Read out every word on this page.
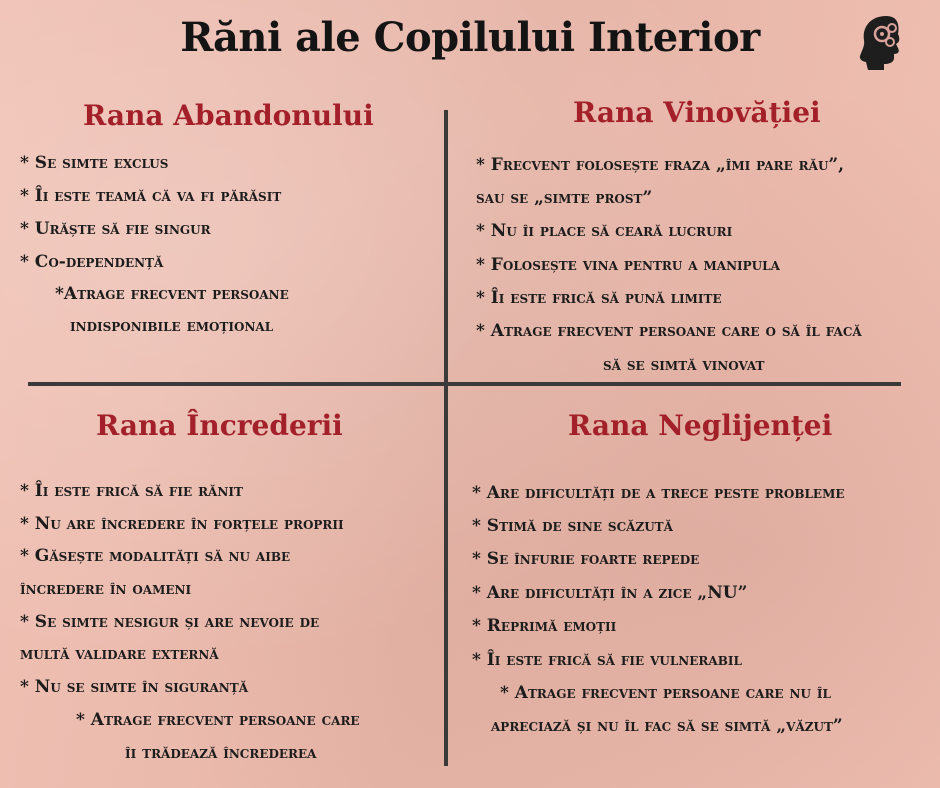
Răni ale Copilului Interior
Rana Abandonului
* Se simte exclus
* Îi este teamă că va fi părăsit
* Urăște să fie singur
* Co-dependență
*Atrage frecvent persoane
indisponibile emoțional
Rana Vinovăției
* Frecvent folosește fraza „îmi pare rău”,
sau se „simte prost”
* Nu îi place să ceară lucruri
* Folosește vina pentru a manipula
* Îi este frică să pună limite
* Atrage frecvent persoane care o să îl facă
să se simtă vinovat
Rana Încrederii
* Îi este frică să fie rănit
* Nu are încredere în forțele proprii
* Găsește modalități să nu aibe
încredere în oameni
* Se simte nesigur și are nevoie de
multă validare externă
* Nu se simte în siguranță
* Atrage frecvent persoane care
îi trădează încrederea
Rana Neglijenței
* Are dificultăți de a trece peste probleme
* Stimă de sine scăzută
* Se înfurie foarte repede
* Are dificultăți în a zice „NU”
* Reprimă emoții
* Îi este frică să fie vulnerabil
* Atrage frecvent persoane care nu îl
apreciază și nu îl fac să se simtă „văzut”
